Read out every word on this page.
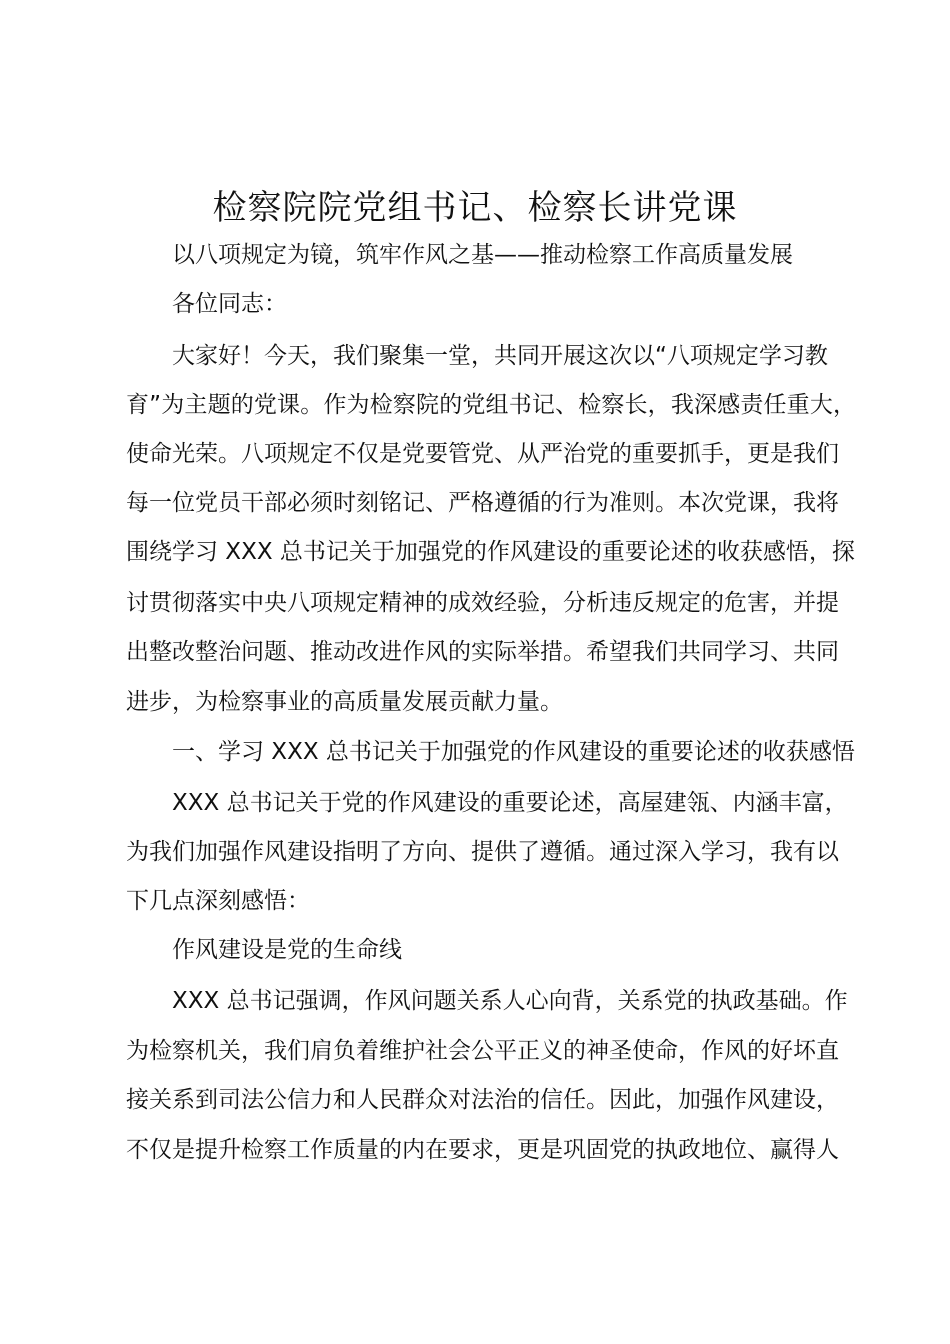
检察院院党组书记、检察长讲党课

以八项规定为镜，筑牢作风之基——推动检察工作高质量发展

各位同志：

大家好！今天，我们聚集一堂，共同开展这次以“八项规定学习教

育”为主题的党课。作为检察院的党组书记、检察长，我深感责任重大，

使命光荣。八项规定不仅是党要管党、从严治党的重要抓手，更是我们

每一位党员干部必须时刻铭记、严格遵循的行为准则。本次党课，我将

围绕学习 XXX 总书记关于加强党的作风建设的重要论述的收获感悟，探

讨贯彻落实中央八项规定精神的成效经验，分析违反规定的危害，并提

出整改整治问题、推动改进作风的实际举措。希望我们共同学习、共同

进步，为检察事业的高质量发展贡献力量。

一、学习 XXX 总书记关于加强党的作风建设的重要论述的收获感悟

XXX 总书记关于党的作风建设的重要论述，高屋建瓴、内涵丰富，

为我们加强作风建设指明了方向、提供了遵循。通过深入学习，我有以

下几点深刻感悟：

作风建设是党的生命线

XXX 总书记强调，作风问题关系人心向背，关系党的执政基础。作

为检察机关，我们肩负着维护社会公平正义的神圣使命，作风的好坏直

接关系到司法公信力和人民群众对法治的信任。因此，加强作风建设，

不仅是提升检察工作质量的内在要求，更是巩固党的执政地位、赢得人
